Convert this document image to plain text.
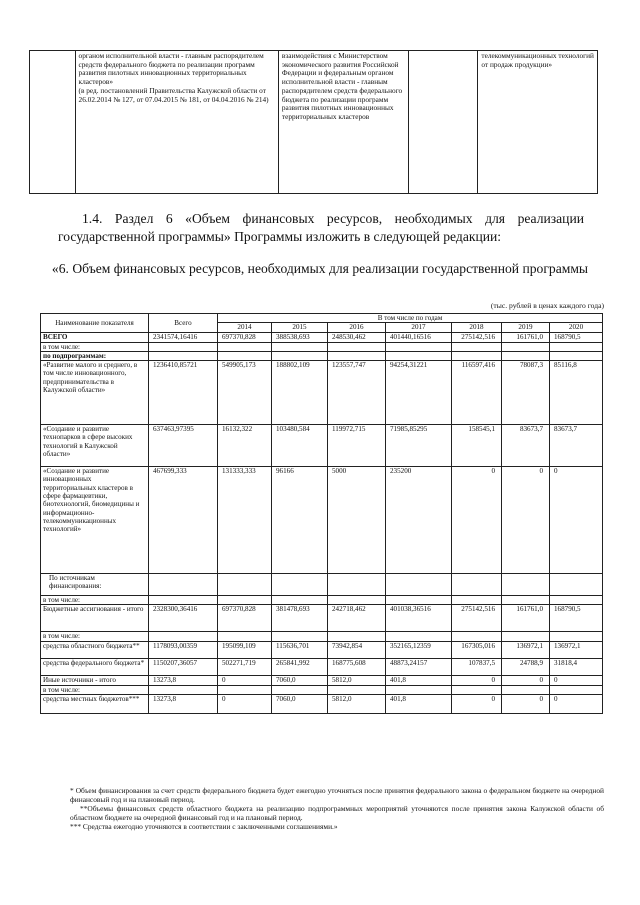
	органом исполнительной власти - главным распорядителем средств федерального бюджета по реализации программ развития пилотных инновационных территориальных кластеров»
(в ред. постановлений Правительства Калужской области от 26.02.2014 № 127, от 07.04.2015 № 181, от 04.04.2016 № 214)	взаимодействия с Министерством экономического развития Российской Федерации и федеральным органом исполнительной власти - главным распорядителем средств федерального бюджета по реализации программ развития пилотных инновационных территориальных кластеров		телекоммуникационных технологий от продаж продукции»
1.4. Раздел 6 «Объем финансовых ресурсов, необходимых для реализации государственной программы» Программы изложить в следующей редакции:
«6. Объем финансовых ресурсов, необходимых для реализации государственной программы
(тыс. рублей в ценах каждого года)
Наименование показателя	Всего	В том числе по годам						
		2014	2015	2016	2017	2018	2019	2020
ВСЕГО	2341574,16416	697370,828	388538,693	248530,462	401440,16516	275142,516	161761,0	168790,5
в том числе:								
по подпрограммам:								
«Развитие малого и среднего, в том числе инновационного, предпринимательства в Калужской области»	1236410,85721	549905,173	188802,109	123557,747	94254,31221	116597,416	78087,3	85116,8
«Создание и развитие технопарков в сфере высоких технологий в Калужской области»	637463,97395	16132,322	103480,584	119972,715	71985,85295	158545,1	83673,7	83673,7
«Создание и развитие инновационных территориальных кластеров в сфере фармацевтики, биотехнологий, биомедицины и информационно-телекоммуникационных технологий»	467699,333	131333,333	96166	5000	235200	0	0	0
По источникам финансирования:								
в том числе:								
Бюджетные ассигнования - итого	2328300,36416	697370,828	381478,693	242718,462	401038,36516	275142,516	161761,0	168790,5
в том числе:								
средства областного бюджета**	1178093,00359	195099,109	115636,701	73942,854	352165,12359	167305,016	136972,1	136972,1
средства федерального бюджета*	1150207,36057	502271,719	265841,992	168775,608	48873,24157	107837,5	24788,9	31818,4
Иные источники - итого	13273,8	0	7060,0	5812,0	401,8	0	0	0
в том числе:								
средства местных бюджетов***	13273,8	0	7060,0	5812,0	401,8	0	0	0

* Объем финансирования за счет средств федерального бюджета будет ежегодно уточняться после принятия федерального закона о федеральном бюджете на очередной финансовый год и на плановый период.

**Объемы финансовых средств областного бюджета на реализацию подпрограммных мероприятий уточняются после принятия закона Калужской области об областном бюджете на очередной финансовый год и на плановый период.

*** Средства ежегодно уточняются в соответствии с заключенными соглашениями.»
